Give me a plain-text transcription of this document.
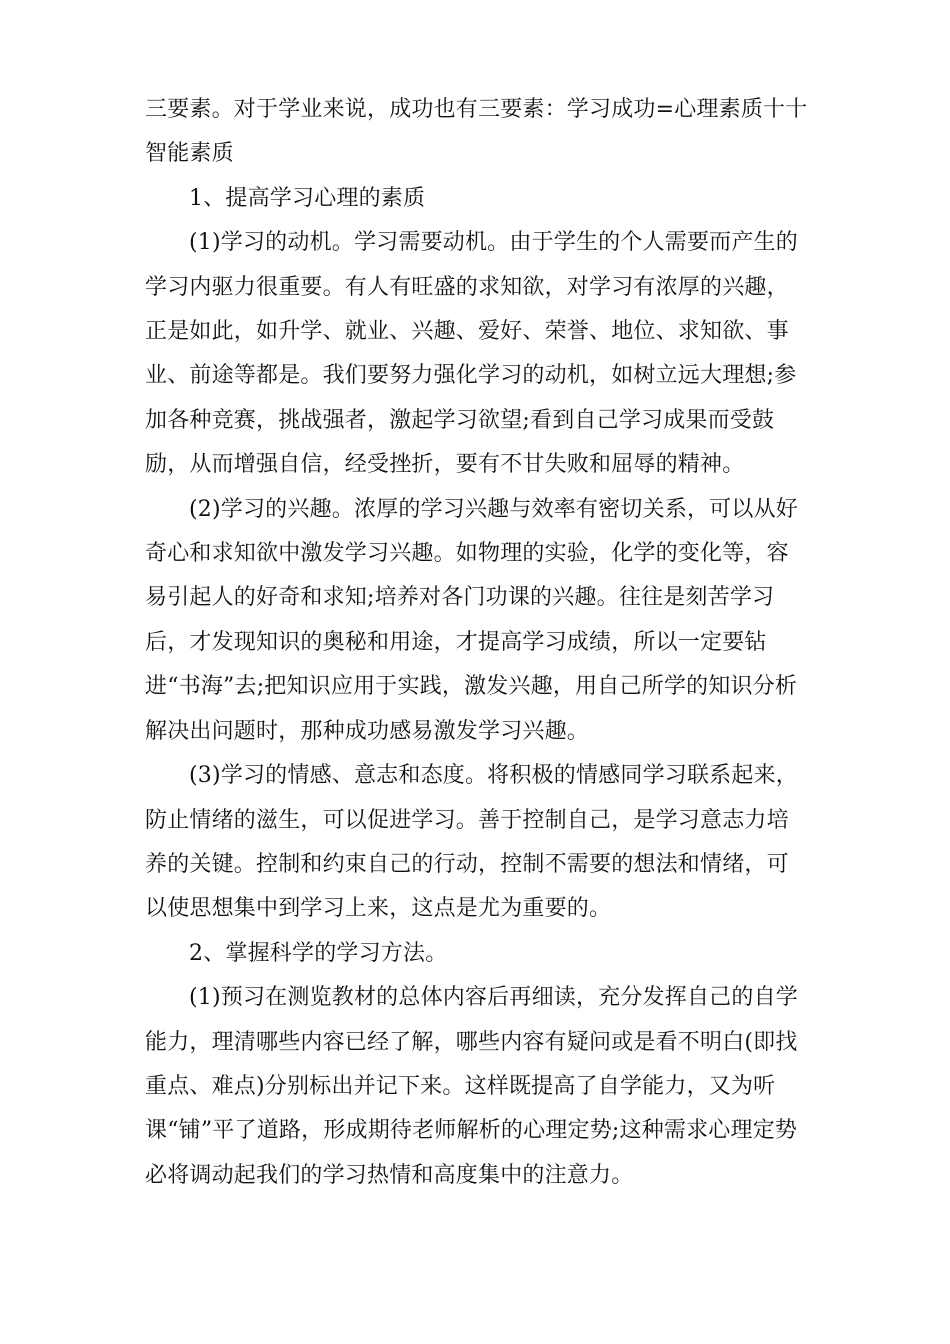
三要素。对于学业来说，成功也有三要素：学习成功=心理素质十十智能素质

1、提高学习心理的素质

(1)学习的动机。学习需要动机。由于学生的个人需要而产生的学习内驱力很重要。有人有旺盛的求知欲，对学习有浓厚的兴趣，正是如此，如升学、就业、兴趣、爱好、荣誉、地位、求知欲、事业、前途等都是。我们要努力强化学习的动机，如树立远大理想;参加各种竞赛，挑战强者，激起学习欲望;看到自己学习成果而受鼓励，从而增强自信，经受挫折，要有不甘失败和屈辱的精神。

(2)学习的兴趣。浓厚的学习兴趣与效率有密切关系，可以从好奇心和求知欲中激发学习兴趣。如物理的实验，化学的变化等，容易引起人的好奇和求知;培养对各门功课的兴趣。往往是刻苦学习后，才发现知识的奥秘和用途，才提高学习成绩，所以一定要钻进“书海”去;把知识应用于实践，激发兴趣，用自己所学的知识分析解决出问题时，那种成功感易激发学习兴趣。

(3)学习的情感、意志和态度。将积极的情感同学习联系起来，防止情绪的滋生，可以促进学习。善于控制自己，是学习意志力培养的关键。控制和约束自己的行动，控制不需要的想法和情绪，可以使思想集中到学习上来，这点是尤为重要的。

2、掌握科学的学习方法。

(1)预习在测览教材的总体内容后再细读，充分发挥自己的自学能力，理清哪些内容已经了解，哪些内容有疑问或是看不明白(即找重点、难点)分别标出并记下来。这样既提高了自学能力，又为听课“铺”平了道路，形成期待老师解析的心理定势;这种需求心理定势必将调动起我们的学习热情和高度集中的注意力。
